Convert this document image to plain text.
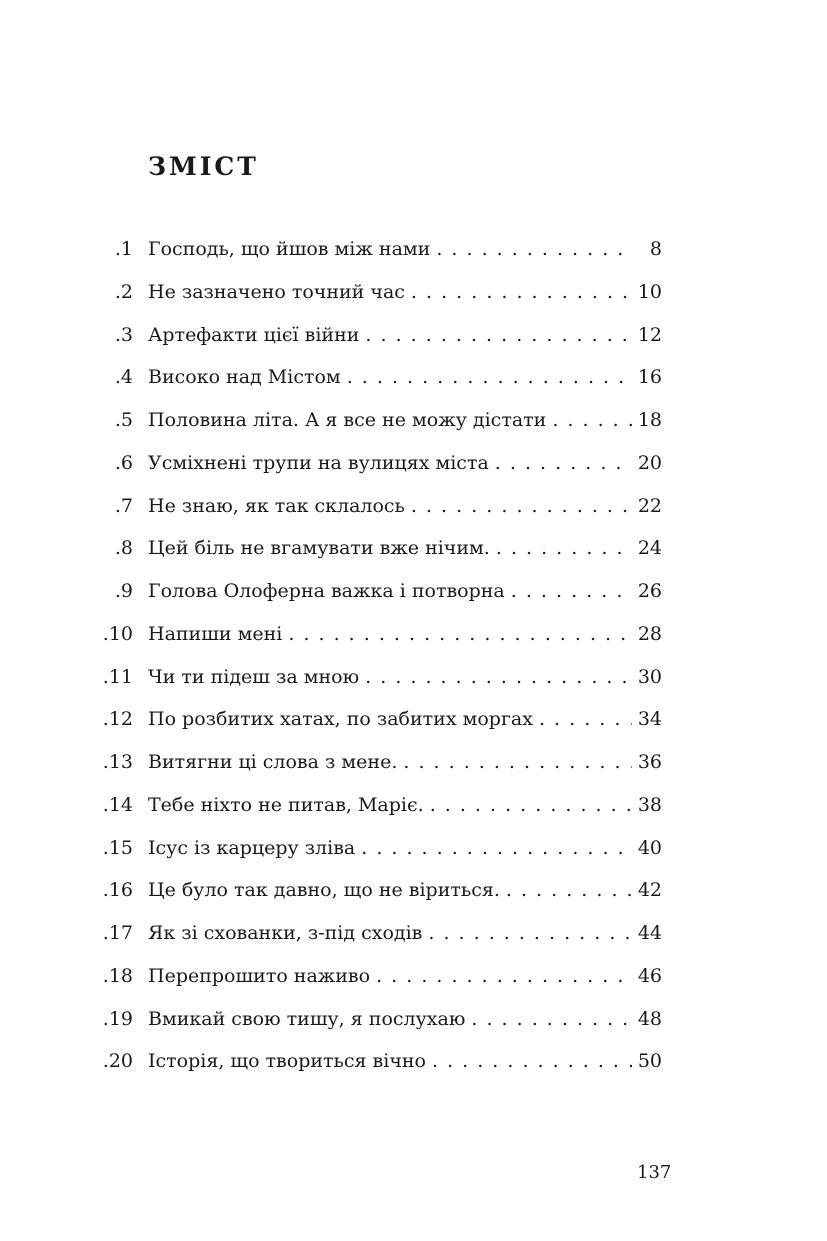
ЗМІСТ
.1 Господь, що йшов між нами . . .	8
.2 Не зазначено точний час . . .	10
.3 Артефакти цієї війни . . .	12
.4 Високо над Містом . . .	16
.5 Половина літа. А я все не можу дістати . . .	18
.6 Усміхнені трупи на вулицях міста . . .	20
.7 Не знаю, як так склалось . . .	22
.8 Цей біль не вгамувати вже нічим. . . .	24
.9 Голова Олоферна важка і потворна . . .	26
.10 Напиши мені . . .	28
.11 Чи ти підеш за мною . . .	30
.12 По розбитих хатах, по забитих моргах . . .	34
.13 Витягни ці слова з мене. . . .	36
.14 Тебе ніхто не питав, Маріє. . . .	38
.15 Ісус із карцеру зліва . . .	40
.16 Це було так давно, що не віриться. . . .	42
.17 Як зі схованки, з-під сходів . . .	44
.18 Перепрошито наживо . . .	46
.19 Вмикай свою тишу, я послухаю . . .	48
.20 Історія, що твориться вічно . . .	50
137
